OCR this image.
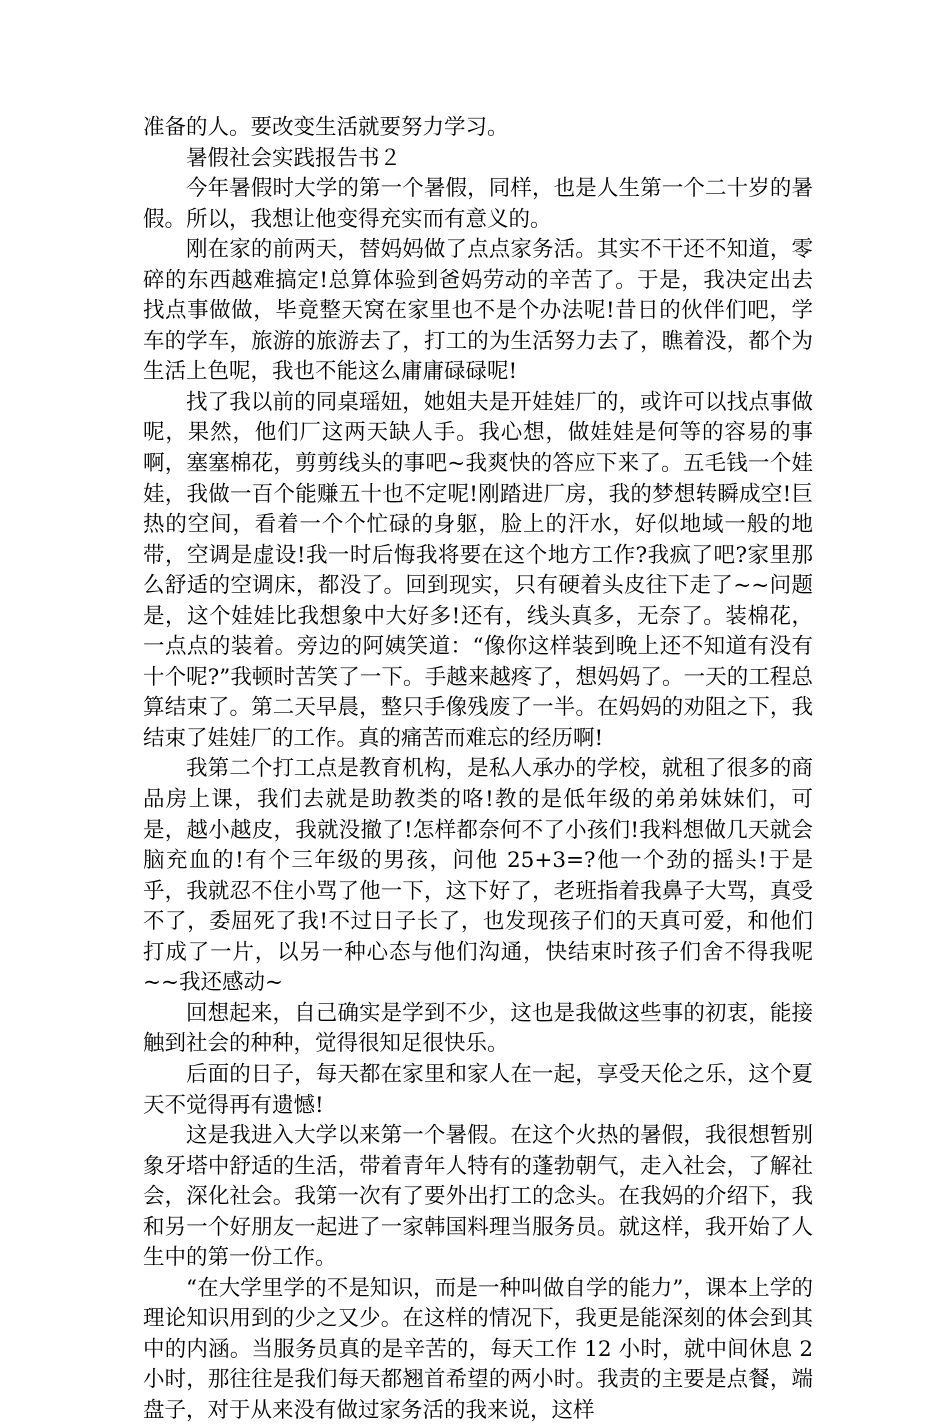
准备的人。要改变生活就要努力学习。

暑假社会实践报告书２

今年暑假时大学的第一个暑假，同样，也是人生第一个二十岁的暑假。所以，我想让他变得充实而有意义的。

刚在家的前两天，替妈妈做了点点家务活。其实不干还不知道，零碎的东西越难搞定!总算体验到爸妈劳动的辛苦了。于是，我决定出去找点事做做，毕竟整天窝在家里也不是个办法呢!昔日的伙伴们吧，学车的学车，旅游的旅游去了，打工的为生活努力去了，瞧着没，都个为生活上色呢，我也不能这么庸庸碌碌呢!

找了我以前的同桌瑶妞，她姐夫是开娃娃厂的，或许可以找点事做呢，果然，他们厂这两天缺人手。我心想，做娃娃是何等的容易的事啊，塞塞棉花，剪剪线头的事吧~我爽快的答应下来了。五毛钱一个娃娃，我做一百个能赚五十也不定呢!刚踏进厂房，我的梦想转瞬成空!巨热的空间，看着一个个忙碌的身躯，脸上的汗水，好似地域一般的地带，空调是虚设!我一时后悔我将要在这个地方工作?我疯了吧?家里那么舒适的空调床，都没了。回到现实，只有硬着头皮往下走了~~问题是，这个娃娃比我想象中大好多!还有，线头真多，无奈了。装棉花，一点点的装着。旁边的阿姨笑道：“像你这样装到晚上还不知道有没有十个呢?”我顿时苦笑了一下。手越来越疼了，想妈妈了。一天的工程总算结束了。第二天早晨，整只手像残废了一半。在妈妈的劝阻之下，我结束了娃娃厂的工作。真的痛苦而难忘的经历啊!

我第二个打工点是教育机构，是私人承办的学校，就租了很多的商品房上课，我们去就是助教类的咯!教的是低年级的弟弟妹妹们，可是，越小越皮，我就没撤了!怎样都奈何不了小孩们!我料想做几天就会脑充血的!有个三年级的男孩，问他 25+3=?他一个劲的摇头!于是乎，我就忍不住小骂了他一下，这下好了，老班指着我鼻子大骂，真受不了，委屈死了我!不过日子长了，也发现孩子们的天真可爱，和他们打成了一片，以另一种心态与他们沟通，快结束时孩子们舍不得我呢~~我还感动~

回想起来，自己确实是学到不少，这也是我做这些事的初衷，能接触到社会的种种，觉得很知足很快乐。

后面的日子，每天都在家里和家人在一起，享受天伦之乐，这个夏天不觉得再有遗憾!

这是我进入大学以来第一个暑假。在这个火热的暑假，我很想暂别象牙塔中舒适的生活，带着青年人特有的蓬勃朝气，走入社会，了解社会，深化社会。我第一次有了要外出打工的念头。在我妈的介绍下，我和另一个好朋友一起进了一家韩国料理当服务员。就这样，我开始了人生中的第一份工作。

“在大学里学的不是知识，而是一种叫做自学的能力”，课本上学的理论知识用到的少之又少。在这样的情况下，我更是能深刻的体会到其中的内涵。当服务员真的是辛苦的，每天工作 12 小时，就中间休息 2 小时，那往往是我们每天都翘首希望的两小时。我责的主要是点餐，端盘子，对于从来没有做过家务活的我来说，这样
